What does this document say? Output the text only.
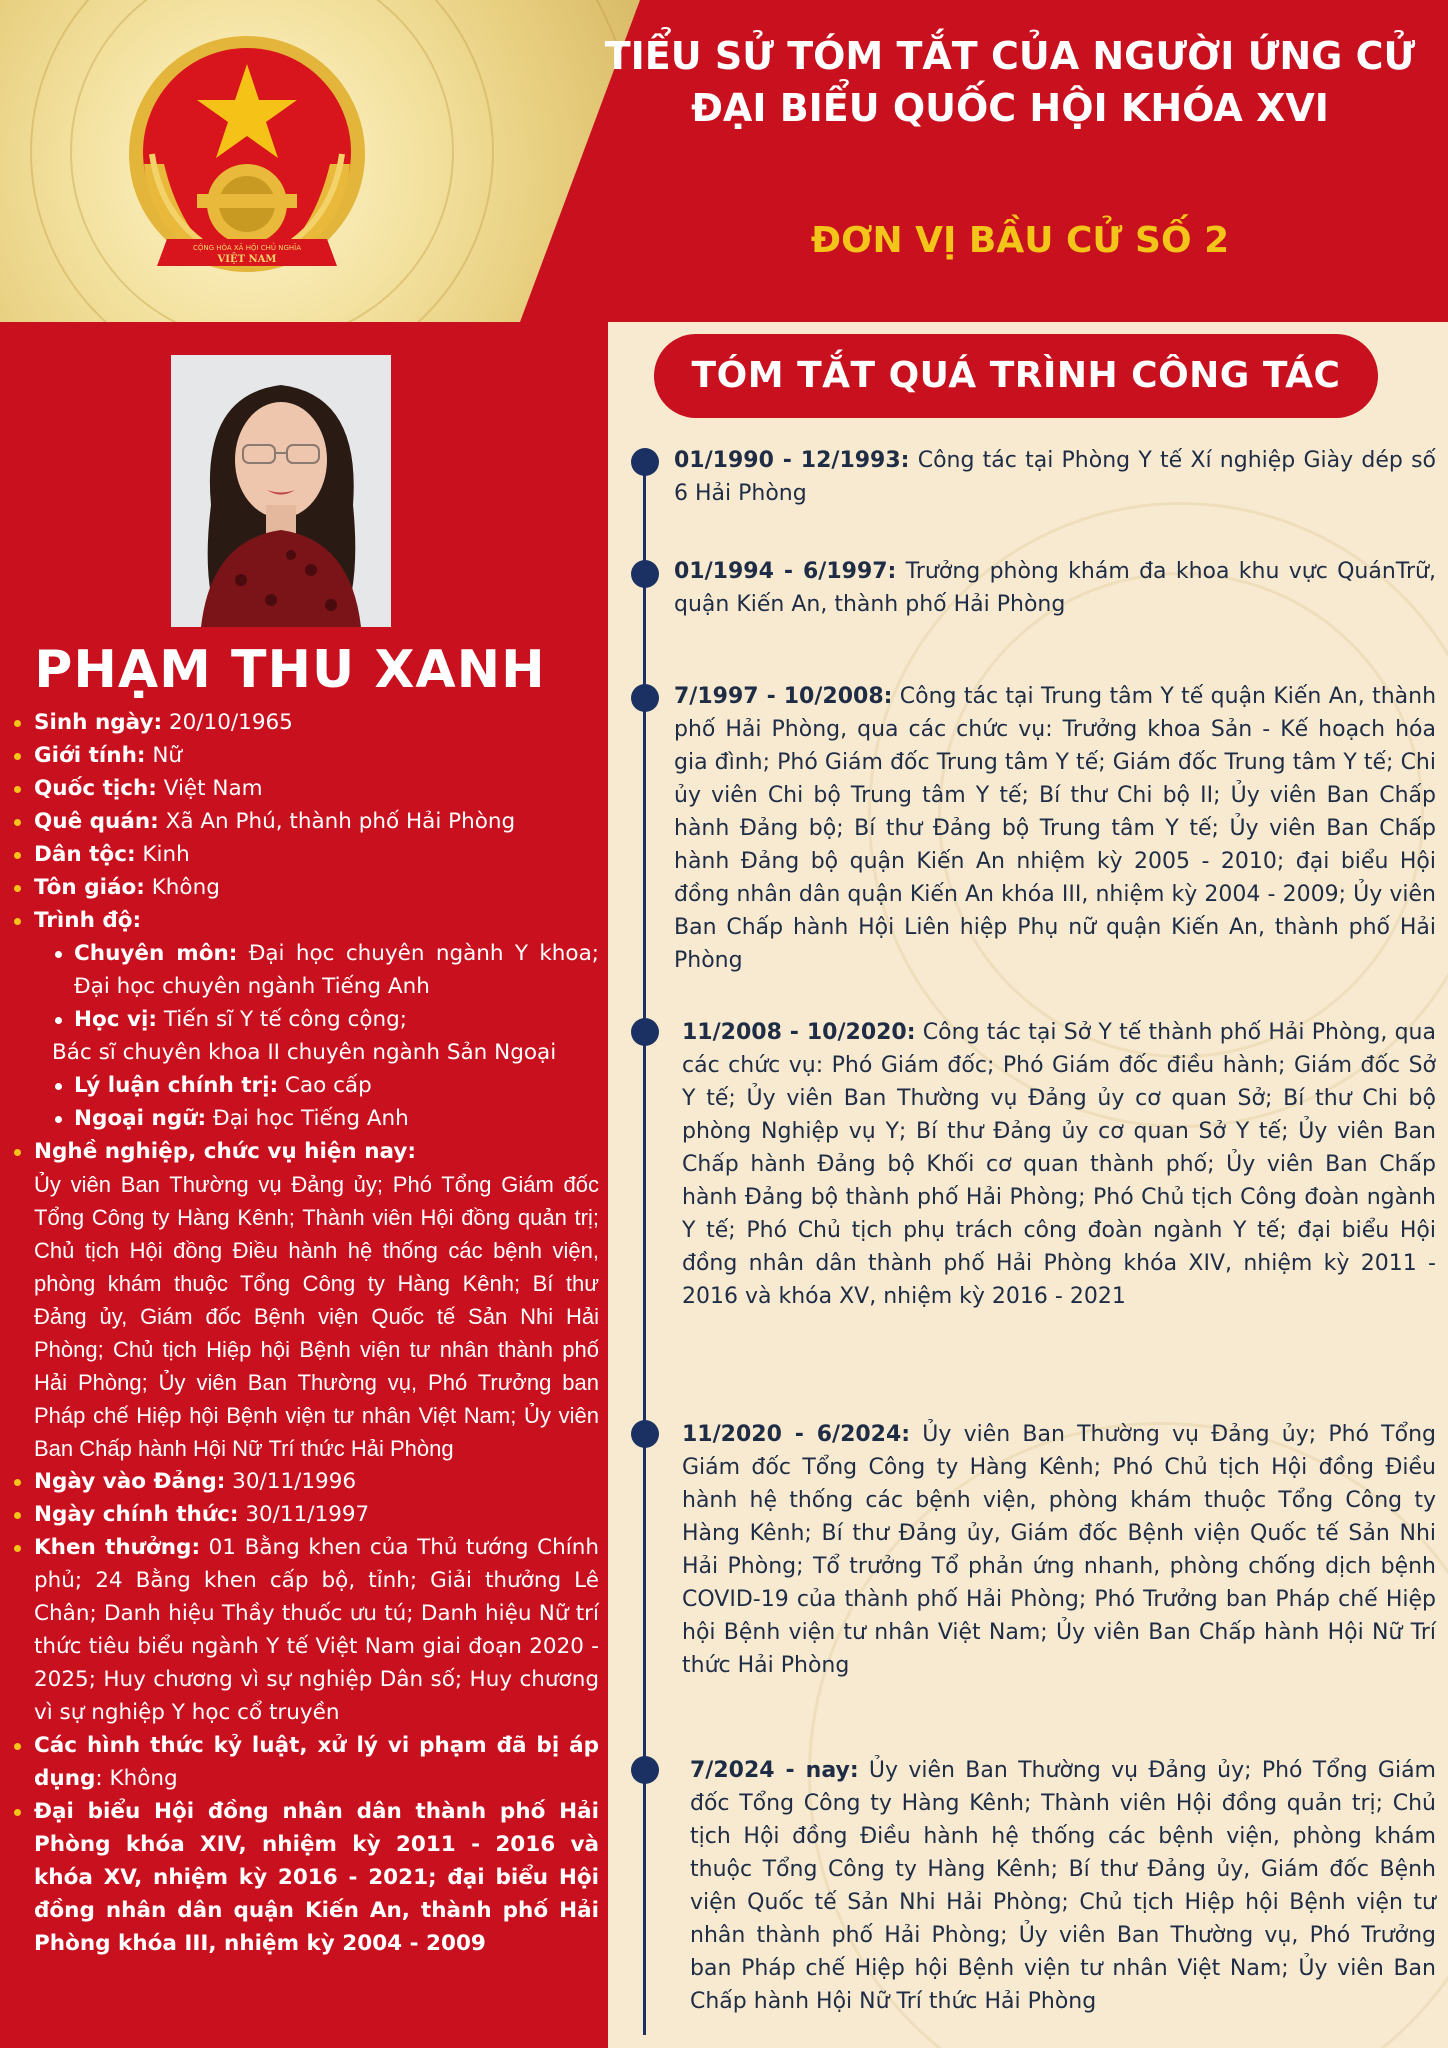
CỘNG HÒA XÃ HỘI CHỦ NGHĨA
VIỆT NAM
TIỂU SỬ TÓM TẮT CỦA NGƯỜI ỨNG CỬ
ĐẠI BIỂU QUỐC HỘI KHÓA XVI
ĐƠN VỊ BẦU CỬ SỐ 2
PHẠM THU XANH
Sinh ngày: 20/10/1965
Giới tính: Nữ
Quốc tịch: Việt Nam
Quê quán: Xã An Phú, thành phố Hải Phòng
Dân tộc: Kinh
Tôn giáo: Không
Trình độ:
Chuyên môn: Đại học chuyên ngành Y khoa; Đại học chuyên ngành Tiếng Anh
Học vị: Tiến sĩ Y tế công cộng;
Bác sĩ chuyên khoa II chuyên ngành Sản Ngoại
Lý luận chính trị: Cao cấp
Ngoại ngữ: Đại học Tiếng Anh
Nghề nghiệp, chức vụ hiện nay:
Ủy viên Ban Thường vụ Đảng ủy; Phó Tổng Giám đốc Tổng Công ty Hàng Kênh; Thành viên Hội đồng quản trị; Chủ tịch Hội đồng Điều hành hệ thống các bệnh viện, phòng khám thuộc Tổng Công ty Hàng Kênh; Bí thư Đảng ủy, Giám đốc Bệnh viện Quốc tế Sản Nhi Hải Phòng; Chủ tịch Hiệp hội Bệnh viện tư nhân thành phố Hải Phòng; Ủy viên Ban Thường vụ, Phó Trưởng ban Pháp chế Hiệp hội Bệnh viện tư nhân Việt Nam; Ủy viên Ban Chấp hành Hội Nữ Trí thức Hải Phòng
Ngày vào Đảng: 30/11/1996
Ngày chính thức: 30/11/1997
Khen thưởng: 01 Bằng khen của Thủ tướng Chính phủ; 24 Bằng khen cấp bộ, tỉnh; Giải thưởng Lê Chân; Danh hiệu Thầy thuốc ưu tú; Danh hiệu Nữ trí thức tiêu biểu ngành Y tế Việt Nam giai đoạn 2020 - 2025; Huy chương vì sự nghiệp Dân số; Huy chương vì sự nghiệp Y học cổ truyền
Các hình thức kỷ luật, xử lý vi phạm đã bị áp dụng: Không
Đại biểu Hội đồng nhân dân thành phố Hải Phòng khóa XIV, nhiệm kỳ 2011 - 2016 và khóa XV, nhiệm kỳ 2016 - 2021; đại biểu Hội đồng nhân dân quận Kiến An, thành phố Hải Phòng khóa III, nhiệm kỳ 2004 - 2009
TÓM TẮT QUÁ TRÌNH CÔNG TÁC
01/1990 - 12/1993: Công tác tại Phòng Y tế Xí nghiệp Giày dép số 6 Hải Phòng
01/1994 - 6/1997: Trưởng phòng khám đa khoa khu vực QuánTrữ, quận Kiến An, thành phố Hải Phòng
7/1997 - 10/2008: Công tác tại Trung tâm Y tế quận Kiến An, thành phố Hải Phòng, qua các chức vụ: Trưởng khoa Sản - Kế hoạch hóa gia đình; Phó Giám đốc Trung tâm Y tế; Giám đốc Trung tâm Y tế; Chi ủy viên Chi bộ Trung tâm Y tế; Bí thư Chi bộ II; Ủy viên Ban Chấp hành Đảng bộ; Bí thư Đảng bộ Trung tâm Y tế; Ủy viên Ban Chấp hành Đảng bộ quận Kiến An nhiệm kỳ 2005 - 2010; đại biểu Hội đồng nhân dân quận Kiến An khóa III, nhiệm kỳ 2004 - 2009; Ủy viên Ban Chấp hành Hội Liên hiệp Phụ nữ quận Kiến An, thành phố Hải Phòng
11/2008 - 10/2020: Công tác tại Sở Y tế thành phố Hải Phòng, qua các chức vụ: Phó Giám đốc; Phó Giám đốc điều hành; Giám đốc Sở Y tế; Ủy viên Ban Thường vụ Đảng ủy cơ quan Sở; Bí thư Chi bộ phòng Nghiệp vụ Y; Bí thư Đảng ủy cơ quan Sở Y tế; Ủy viên Ban Chấp hành Đảng bộ Khối cơ quan thành phố; Ủy viên Ban Chấp hành Đảng bộ thành phố Hải Phòng; Phó Chủ tịch Công đoàn ngành Y tế; Phó Chủ tịch phụ trách công đoàn ngành Y tế; đại biểu Hội đồng nhân dân thành phố Hải Phòng khóa XIV, nhiệm kỳ 2011 - 2016 và khóa XV, nhiệm kỳ 2016 - 2021
11/2020 - 6/2024: Ủy viên Ban Thường vụ Đảng ủy; Phó Tổng Giám đốc Tổng Công ty Hàng Kênh; Phó Chủ tịch Hội đồng Điều hành hệ thống các bệnh viện, phòng khám thuộc Tổng Công ty Hàng Kênh; Bí thư Đảng ủy, Giám đốc Bệnh viện Quốc tế Sản Nhi Hải Phòng; Tổ trưởng Tổ phản ứng nhanh, phòng chống dịch bệnh COVID-19 của thành phố Hải Phòng; Phó Trưởng ban Pháp chế Hiệp hội Bệnh viện tư nhân Việt Nam; Ủy viên Ban Chấp hành Hội Nữ Trí thức Hải Phòng
7/2024 - nay: Ủy viên Ban Thường vụ Đảng ủy; Phó Tổng Giám đốc Tổng Công ty Hàng Kênh; Thành viên Hội đồng quản trị; Chủ tịch Hội đồng Điều hành hệ thống các bệnh viện, phòng khám thuộc Tổng Công ty Hàng Kênh; Bí thư Đảng ủy, Giám đốc Bệnh viện Quốc tế Sản Nhi Hải Phòng; Chủ tịch Hiệp hội Bệnh viện tư nhân thành phố Hải Phòng; Ủy viên Ban Thường vụ, Phó Trưởng ban Pháp chế Hiệp hội Bệnh viện tư nhân Việt Nam; Ủy viên Ban Chấp hành Hội Nữ Trí thức Hải Phòng
